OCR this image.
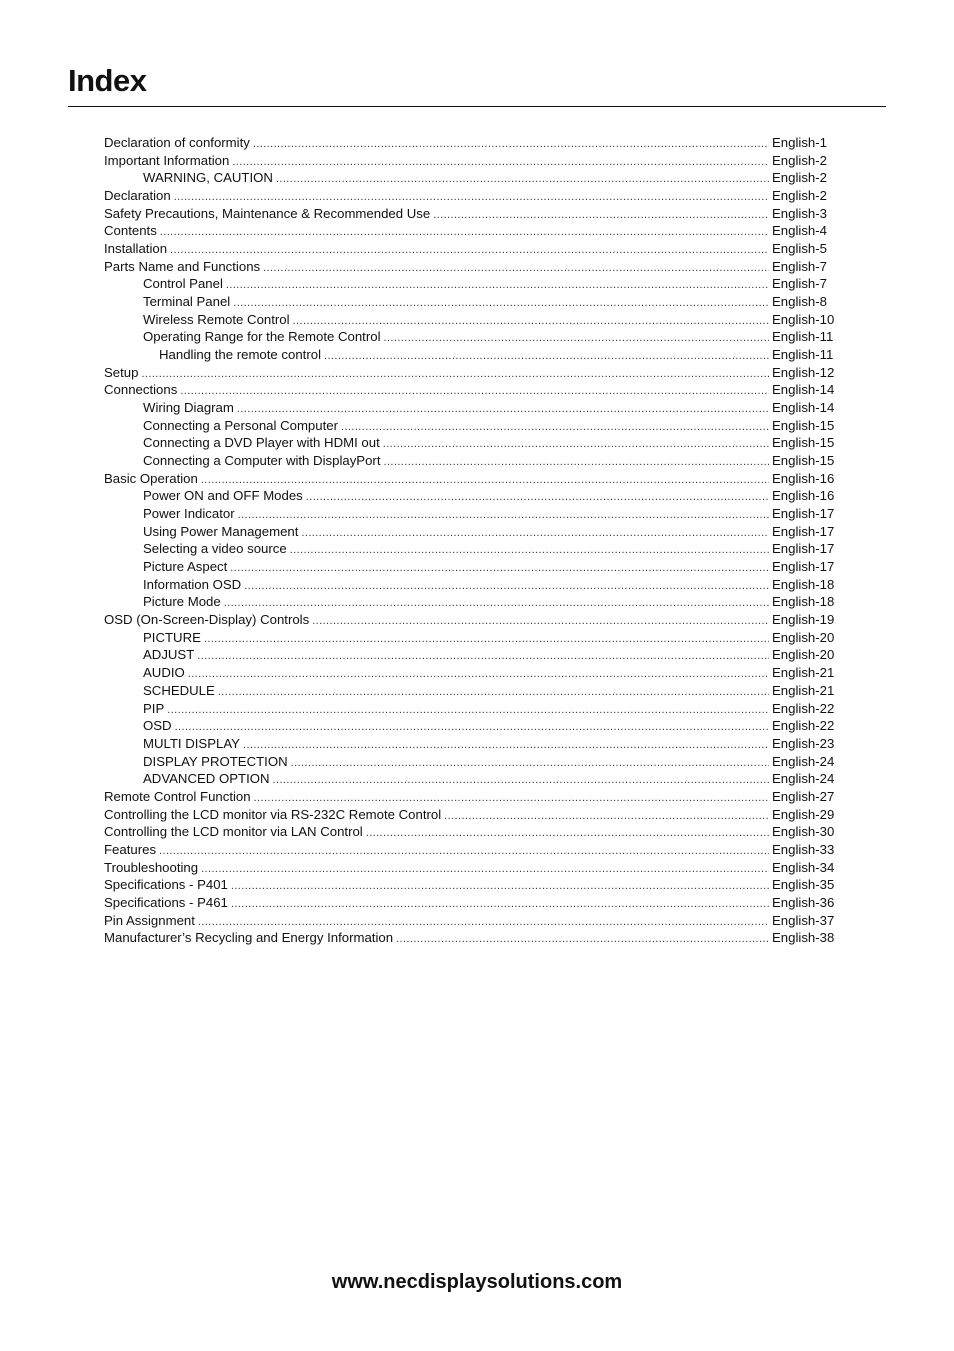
Index
Declaration of conformity .....	English-1
Important Information .....	English-2
WARNING, CAUTION .....	English-2
Declaration .....	English-2
Safety Precautions, Maintenance & Recommended Use .....	English-3
Contents .....	English-4
Installation .....	English-5
Parts Name and Functions .....	English-7
Control Panel .....	English-7
Terminal Panel .....	English-8
Wireless Remote Control .....	English-10
Operating Range for the Remote Control .....	English-11
Handling the remote control .....	English-11
Setup .....	English-12
Connections .....	English-14
Wiring Diagram .....	English-14
Connecting a Personal Computer .....	English-15
Connecting a DVD Player with HDMI out .....	English-15
Connecting a Computer with DisplayPort .....	English-15
Basic Operation .....	English-16
Power ON and OFF Modes .....	English-16
Power Indicator .....	English-17
Using Power Management .....	English-17
Selecting a video source .....	English-17
Picture Aspect .....	English-17
Information OSD .....	English-18
Picture Mode .....	English-18
OSD (On-Screen-Display) Controls .....	English-19
PICTURE .....	English-20
ADJUST .....	English-20
AUDIO .....	English-21
SCHEDULE .....	English-21
PIP .....	English-22
OSD .....	English-22
MULTI DISPLAY .....	English-23
DISPLAY PROTECTION .....	English-24
ADVANCED OPTION .....	English-24
Remote Control Function .....	English-27
Controlling the LCD monitor via RS-232C Remote Control .....	English-29
Controlling the LCD monitor via LAN Control .....	English-30
Features .....	English-33
Troubleshooting .....	English-34
Specifications - P401 .....	English-35
Specifications - P461 .....	English-36
Pin Assignment .....	English-37
Manufacturer’s Recycling and Energy Information .....	English-38
www.necdisplaysolutions.com
